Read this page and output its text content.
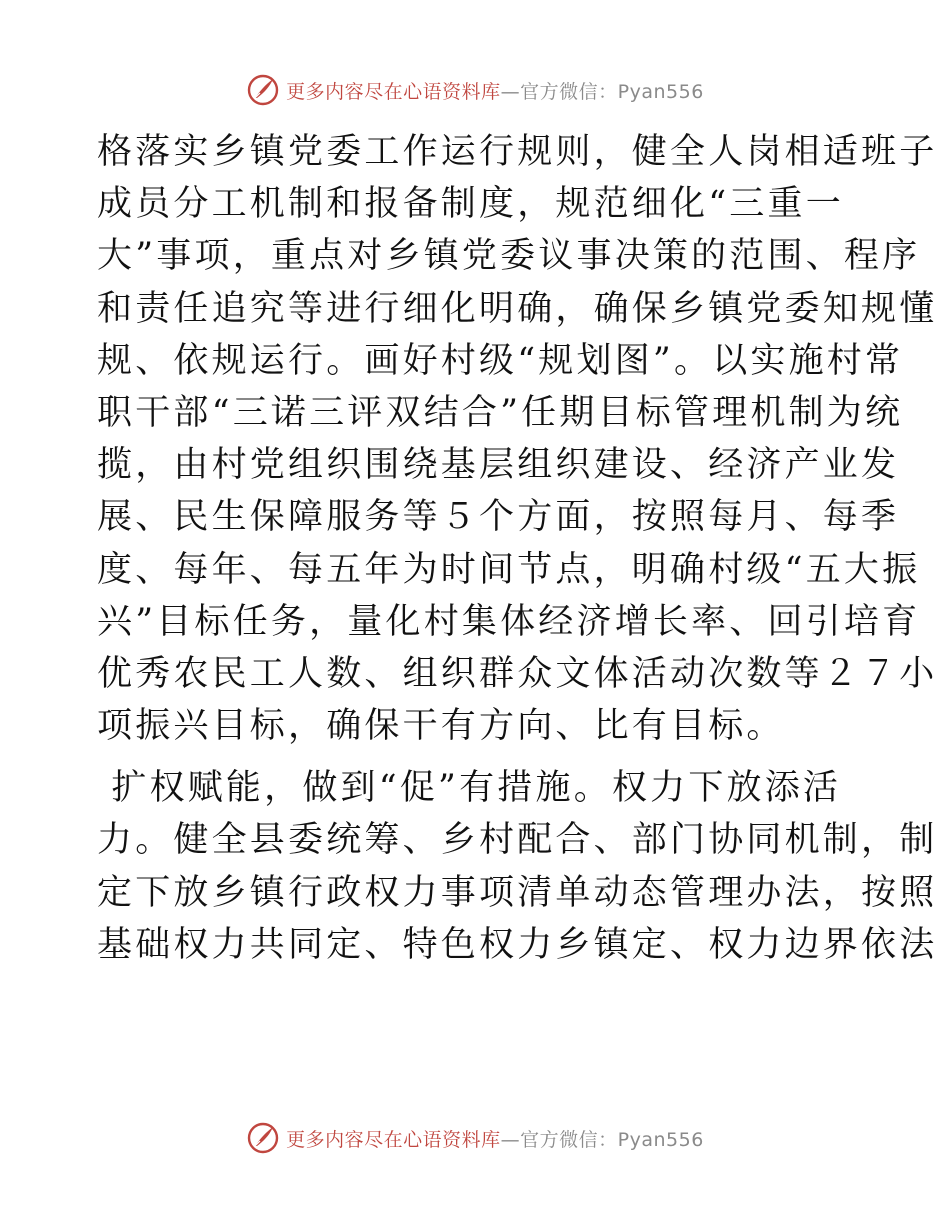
更多内容尽在心语资料库—官方微信：Pyan556
格落实乡镇党委工作运行规则，健全人岗相适班子
成员分工机制和报备制度，规范细化“三重一
大”事项，重点对乡镇党委议事决策的范围、程序
和责任追究等进行细化明确，确保乡镇党委知规懂
规、依规运行。画好村级“规划图”。以实施村常
职干部“三诺三评双结合”任期目标管理机制为统
揽，由村党组织围绕基层组织建设、经济产业发
展、民生保障服务等５个方面，按照每月、每季
度、每年、每五年为时间节点，明确村级“五大振
兴”目标任务，量化村集体经济增长率、回引培育
优秀农民工人数、组织群众文体活动次数等２７小
项振兴目标，确保干有方向、比有目标。
扩权赋能，做到“促”有措施。权力下放添活
力。健全县委统筹、乡村配合、部门协同机制，制
定下放乡镇行政权力事项清单动态管理办法，按照
基础权力共同定、特色权力乡镇定、权力边界依法
更多内容尽在心语资料库—官方微信：Pyan556
